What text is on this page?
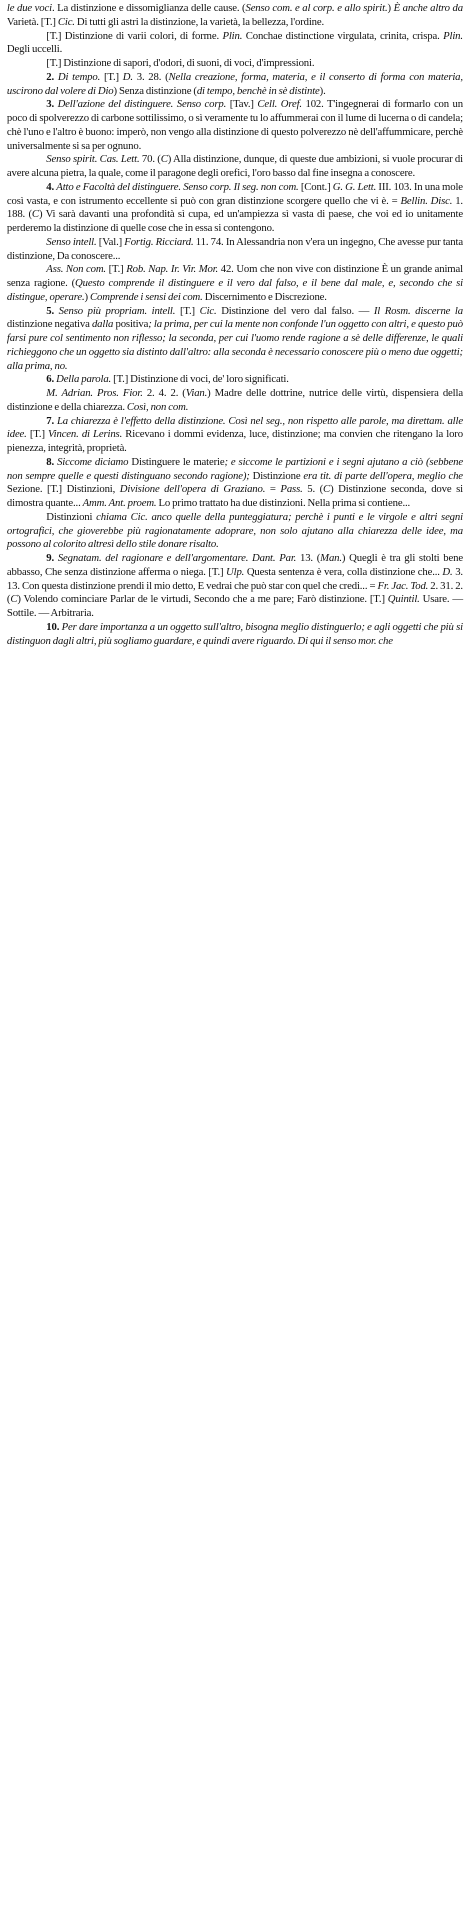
le due voci. La distinzione e dissomiglianza delle cause. (Senso com. e al corp. e allo spirit.) È anche altro da Varietà. [T.] Cic. Di tutti gli astri la distinzione, la varietà, la bellezza, l'ordine.

[T.] Distinzione di varii colori, di forme. Plin. Conchae distinctione virgulata, crinita, crispa. Plin. Degli uccelli.

[T.] Distinzione di sapori, d'odori, di suoni, di voci, d'impressioni.

2. Di tempo. [T.] D. 3. 28. (Nella creazione, forma, materia, e il conserto di forma con materia, uscirono dal volere di Dio) Senza distinzione (di tempo, benchè in sè distinte).

3. Dell'azione del distinguere. Senso corp. [Tav.] Cell. Oref. 102. T'ingegnerai di formarlo con un poco di spolverezzo di carbone sottilissimo, o sì veramente tu lo affummerai con il lume di lucerna o di candela; chè l'uno e l'altro è buono: imperò, non vengo alla distinzione di questo polverezzo nè dell'affummicare, perchè universalmente si sa per ognuno.

Senso spirit. Cas. Lett. 70. (C) Alla distinzione, dunque, di queste due ambizioni, si vuole procurar di avere alcuna pietra, la quale, come il paragone degli orefici, l'oro basso dal fine insegna a conoscere.

4. Atto e Facoltà del distinguere. Senso corp. Il seg. non com. [Cont.] G. G. Lett. III. 103. In una mole così vasta, e con istrumento eccellente si può con gran distinzione scorgere quello che vi è. = Bellin. Disc. 1. 188. (C) Vi sarà davanti una profondità sì cupa, ed un'ampiezza sì vasta di paese, che voi ed io unitamente perderemo la distinzione di quelle cose che in essa si contengono.

Senso intell. [Val.] Fortig. Ricciard. 11. 74. In Alessandria non v'era un ingegno, Che avesse pur tanta distinzione, Da conoscere...

Ass. Non com. [T.] Rob. Nap. Ir. Vir. Mor. 42. Uom che non vive con distinzione È un grande animal senza ragione. (Questo comprende il distinguere e il vero dal falso, e il bene dal male, e, secondo che si distingue, operare.) Comprende i sensi dei com. Discernimento e Discrezione.

5. Senso più propriam. intell. [T.] Cic. Distinzione del vero dal falso. — Il Rosm. discerne la distinzione negativa dalla positiva; la prima, per cui la mente non confonde l'un oggetto con altri, e questo può farsi pure col sentimento non riflesso; la seconda, per cui l'uomo rende ragione a sè delle differenze, le quali richieggono che un oggetto sia distinto dall'altro: alla seconda è necessario conoscere più o meno due oggetti; alla prima, no.

6. Della parola. [T.] Distinzione di voci, de' loro significati.

M. Adrian. Pros. Fior. 2. 4. 2. (Vian.) Madre delle dottrine, nutrice delle virtù, dispensiera della distinzione e della chiarezza. Così, non com.

7. La chiarezza è l'effetto della distinzione. Così nel seg., non rispetto alle parole, ma direttam. alle idee. [T.] Vincen. di Lerins. Ricevano i dommi evidenza, luce, distinzione; ma convien che ritengano la loro pienezza, integrità, proprietà.

8. Siccome diciamo Distinguere le materie; e siccome le partizioni e i segni ajutano a ciò (sebbene non sempre quelle e questi distinguano secondo ragione); Distinzione era tit. di parte dell'opera, meglio che Sezione. [T.] Distinzioni, Divisione dell'opera di Graziano. = Pass. 5. (C) Distinzione seconda, dove si dimostra quante... Amm. Ant. proem. Lo primo trattato ha due distinzioni. Nella prima si contiene...

Distinzioni chiama Cic. anco quelle della punteggiatura; perchè i punti e le virgole e altri segni ortografici, che gioverebbe più ragionatamente adoprare, non solo ajutano alla chiarezza delle idee, ma possono al colorito altresì dello stile donare risalto.

9. Segnatam. del ragionare e dell'argomentare. Dant. Par. 13. (Man.) Quegli è tra gli stolti bene abbasso, Che senza distinzione afferma o niega. [T.] Ulp. Questa sentenza è vera, colla distinzione che... D. 3. 13. Con questa distinzione prendi il mio detto, E vedrai che può star con quel che credi... = Fr. Jac. Tod. 2. 31. 2. (C) Volendo cominciare Parlar de le virtudi, Secondo che a me pare; Farò distinzione. [T.] Quintil. Usare. — Sottile. — Arbitraria.

10. Per dare importanza a un oggetto sull'altro, bisogna meglio distinguerlo; e agli oggetti che più si distinguon dagli altri, più sogliamo guardare, e quindi avere riguardo. Di qui il senso mor. che
